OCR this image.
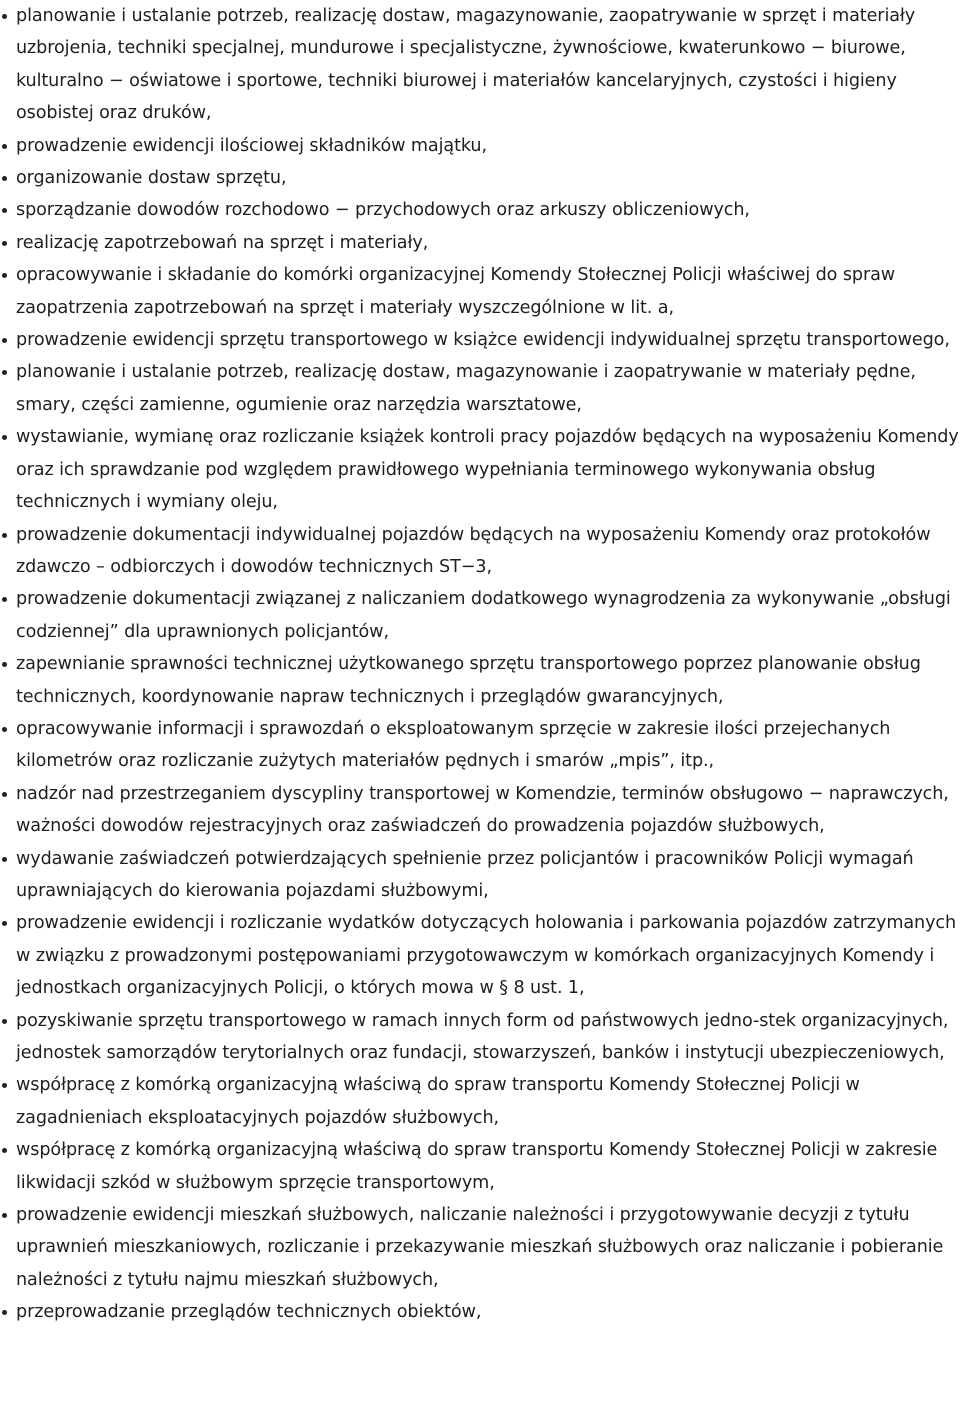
planowanie i ustalanie potrzeb, realizację dostaw, magazynowanie, zaopatrywanie w sprzęt i materiały uzbrojenia, techniki specjalnej, mundurowe i specjalistyczne, żywnościowe, kwaterunkowo − biurowe, kulturalno − oświatowe i sportowe, techniki biurowej i materiałów kancelaryjnych, czystości i higieny osobistej oraz druków,
prowadzenie ewidencji ilościowej składników majątku,
organizowanie dostaw sprzętu,
sporządzanie dowodów rozchodowo − przychodowych oraz arkuszy obliczeniowych,
realizację zapotrzebowań na sprzęt i materiały,
opracowywanie i składanie do komórki organizacyjnej Komendy Stołecznej Policji właściwej do spraw zaopatrzenia zapotrzebowań na sprzęt i materiały wyszczególnione w lit. a,
prowadzenie ewidencji sprzętu transportowego w książce ewidencji indywidualnej sprzętu transportowego,
planowanie i ustalanie potrzeb, realizację dostaw, magazynowanie i zaopatrywanie w materiały pędne, smary, części zamienne, ogumienie oraz narzędzia warsztatowe,
wystawianie, wymianę oraz rozliczanie książek kontroli pracy pojazdów będących na wyposażeniu Komendy oraz ich sprawdzanie pod względem prawidłowego wypełniania terminowego wykonywania obsług technicznych i wymiany oleju,
prowadzenie dokumentacji indywidualnej pojazdów będących na wyposażeniu Komendy oraz protokołów zdawczo – odbiorczych i dowodów technicznych ST−3,
prowadzenie dokumentacji związanej z naliczaniem dodatkowego wynagrodzenia za wykonywanie „obsługi codziennej” dla uprawnionych policjantów,
zapewnianie sprawności technicznej użytkowanego sprzętu transportowego poprzez planowanie obsług technicznych, koordynowanie napraw technicznych i przeglądów gwarancyjnych,
opracowywanie informacji i sprawozdań o eksploatowanym sprzęcie w zakresie ilości przejechanych kilometrów oraz rozliczanie zużytych materiałów pędnych i smarów „mpis”, itp.,
nadzór nad przestrzeganiem dyscypliny transportowej w Komendzie, terminów obsługowo − naprawczych, ważności dowodów rejestracyjnych oraz zaświadczeń do prowadzenia pojazdów służbowych,
wydawanie zaświadczeń potwierdzających spełnienie przez policjantów i pracowników Policji wymagań uprawniających do kierowania pojazdami służbowymi,
prowadzenie ewidencji i rozliczanie wydatków dotyczących holowania i parkowania pojazdów zatrzymanych w związku z prowadzonymi postępowaniami przygotowawczym w komórkach organizacyjnych Komendy i jednostkach organizacyjnych Policji, o których mowa w § 8 ust. 1,
pozyskiwanie sprzętu transportowego w ramach innych form od państwowych jedno-stek organizacyjnych, jednostek samorządów terytorialnych oraz fundacji, stowarzyszeń, banków i instytucji ubezpieczeniowych,
współpracę z komórką organizacyjną właściwą do spraw transportu Komendy Stołecznej Policji w zagadnieniach eksploatacyjnych pojazdów służbowych,
współpracę z komórką organizacyjną właściwą do spraw transportu Komendy Stołecznej Policji w zakresie likwidacji szkód w służbowym sprzęcie transportowym,
prowadzenie ewidencji mieszkań służbowych, naliczanie należności i przygotowywanie decyzji z tytułu uprawnień mieszkaniowych, rozliczanie i przekazywanie mieszkań służbowych oraz naliczanie i pobieranie należności z tytułu najmu mieszkań służbowych,
przeprowadzanie przeglądów technicznych obiektów,
